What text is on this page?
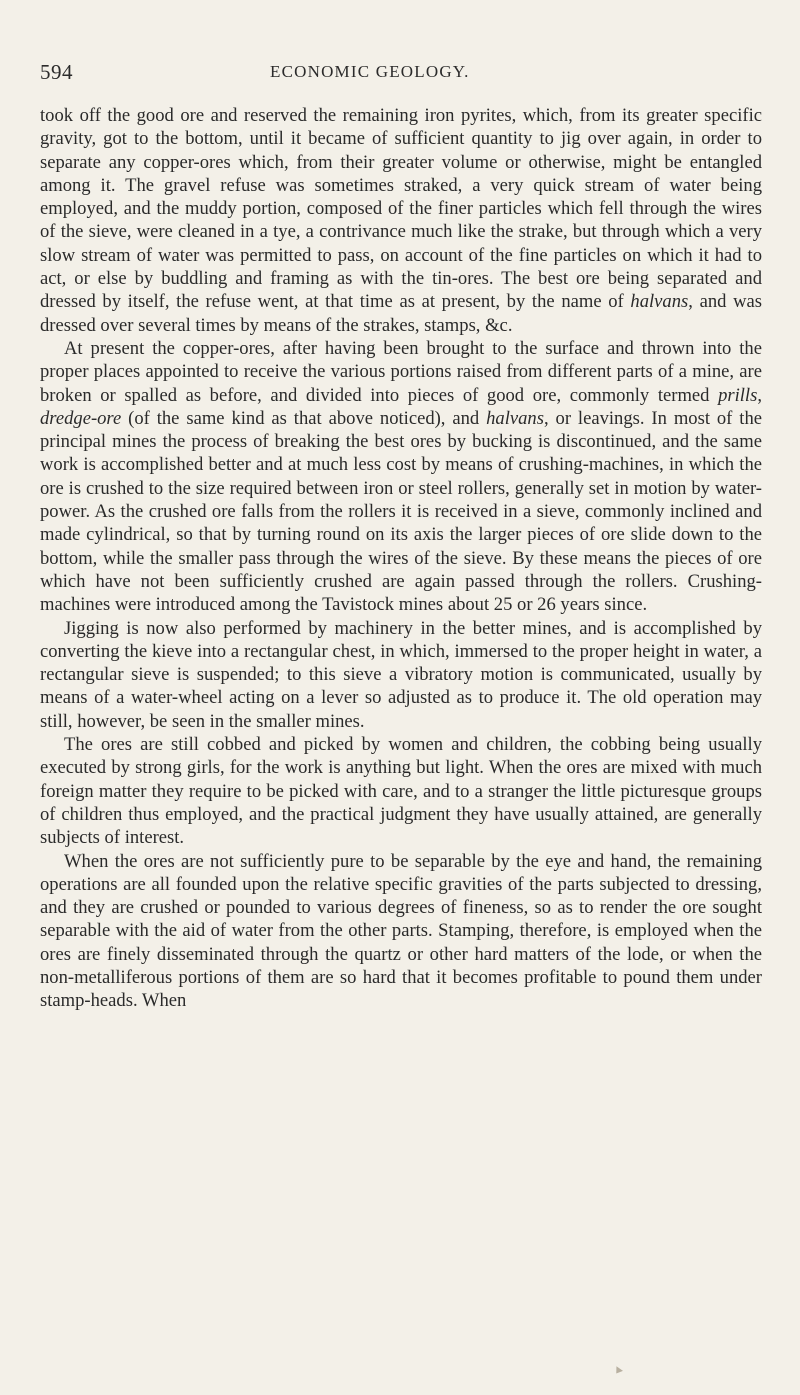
594	ECONOMIC GEOLOGY.

took off the good ore and reserved the remaining iron pyrites, which, from its greater specific gravity, got to the bottom, until it became of sufficient quantity to jig over again, in order to separate any copper-ores which, from their greater volume or otherwise, might be entangled among it. The gravel refuse was sometimes straked, a very quick stream of water being employed, and the muddy portion, composed of the finer particles which fell through the wires of the sieve, were cleaned in a tye, a contrivance much like the strake, but through which a very slow stream of water was permitted to pass, on account of the fine particles on which it had to act, or else by buddling and framing as with the tin-ores. The best ore being separated and dressed by itself, the refuse went, at that time as at present, by the name of halvans, and was dressed over several times by means of the strakes, stamps, &c.

At present the copper-ores, after having been brought to the surface and thrown into the proper places appointed to receive the various portions raised from different parts of a mine, are broken or spalled as before, and divided into pieces of good ore, commonly termed prills, dredge-ore (of the same kind as that above noticed), and halvans, or leavings. In most of the principal mines the process of breaking the best ores by bucking is discontinued, and the same work is accomplished better and at much less cost by means of crushing-machines, in which the ore is crushed to the size required between iron or steel rollers, generally set in motion by water-power. As the crushed ore falls from the rollers it is received in a sieve, commonly inclined and made cylindrical, so that by turning round on its axis the larger pieces of ore slide down to the bottom, while the smaller pass through the wires of the sieve. By these means the pieces of ore which have not been sufficiently crushed are again passed through the rollers. Crushing-machines were introduced among the Tavistock mines about 25 or 26 years since.

Jigging is now also performed by machinery in the better mines, and is accomplished by converting the kieve into a rectangular chest, in which, immersed to the proper height in water, a rectangular sieve is suspended; to this sieve a vibratory motion is communicated, usually by means of a water-wheel acting on a lever so adjusted as to produce it. The old operation may still, however, be seen in the smaller mines.

The ores are still cobbed and picked by women and children, the cobbing being usually executed by strong girls, for the work is anything but light. When the ores are mixed with much foreign matter they require to be picked with care, and to a stranger the little picturesque groups of children thus employed, and the practical judgment they have usually attained, are generally subjects of interest.

When the ores are not sufficiently pure to be separable by the eye and hand, the remaining operations are all founded upon the relative specific gravities of the parts subjected to dressing, and they are crushed or pounded to various degrees of fineness, so as to render the ore sought separable with the aid of water from the other parts. Stamping, therefore, is employed when the ores are finely disseminated through the quartz or other hard matters of the lode, or when the non-metalliferous portions of them are so hard that it becomes profitable to pound them under stamp-heads. When
